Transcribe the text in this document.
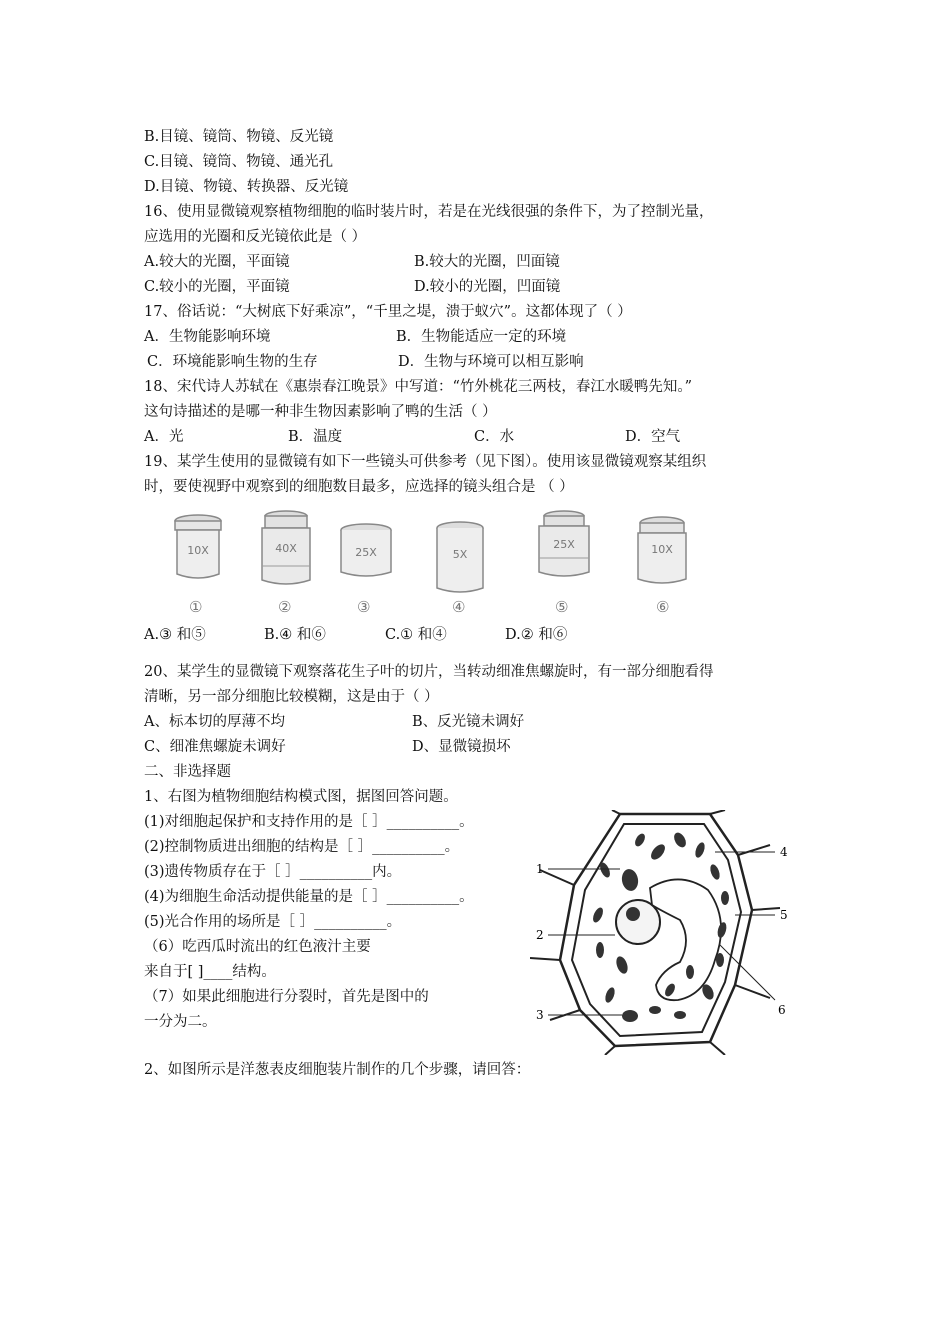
B.目镜、镜筒、物镜、反光镜
C.目镜、镜筒、物镜、通光孔
D.目镜、物镜、转换器、反光镜
16、使用显微镜观察植物细胞的临时装片时，若是在光线很强的条件下，为了控制光量，
应选用的光圈和反光镜依此是（ ）
A.较大的光圈，平面镜	B.较大的光圈，凹面镜
C.较小的光圈，平面镜	D.较小的光圈，凹面镜
17、俗话说：“大树底下好乘凉”，“千里之堤，溃于蚁穴”。这都体现了（ ）
A．生物能影响环境	B．生物能适应一定的环境
C．环境能影响生物的生存	D．生物与环境可以相互影响
18、宋代诗人苏轼在《惠崇春江晚景》中写道：“竹外桃花三两枝，春江水暖鸭先知。”
这句诗描述的是哪一种非生物因素影响了鸭的生活（ ）
A．光	B．温度	C．水	D．空气
19、某学生使用的显微镜有如下一些镜头可供参考（见下图）。使用该显微镜观察某组织
时，要使视野中观察到的细胞数目最多，应选择的镜头组合是 （ ）
10X	40X	25X	5X
25X	10X
①	②	③	④	⑤	⑥
A.③ 和⑤	B.④ 和⑥	C.① 和④	D.② 和⑥
20、某学生的显微镜下观察落花生子叶的切片，当转动细准焦螺旋时，有一部分细胞看得
清晰，另一部分细胞比较模糊，这是由于（ ）
A、标本切的厚薄不均	B、反光镜未调好
C、细准焦螺旋未调好	D、显微镜损坏
二、非选择题
1、右图为植物细胞结构模式图，据图回答问题。
(1)对细胞起保护和支持作用的是［ ］__________。
(2)控制物质进出细胞的结构是［ ］__________。
(3)遗传物质存在于［ ］__________内。
(4)为细胞生命活动提供能量的是［ ］__________。
(5)光合作用的场所是［ ］__________。
（6）吃西瓜时流出的红色液汁主要
来自于[ ]____结构。
（7）如果此细胞进行分裂时，首先是图中的
一分为二。
1
2
3
4
5
6
2、如图所示是洋葱表皮细胞装片制作的几个步骤，请回答：
